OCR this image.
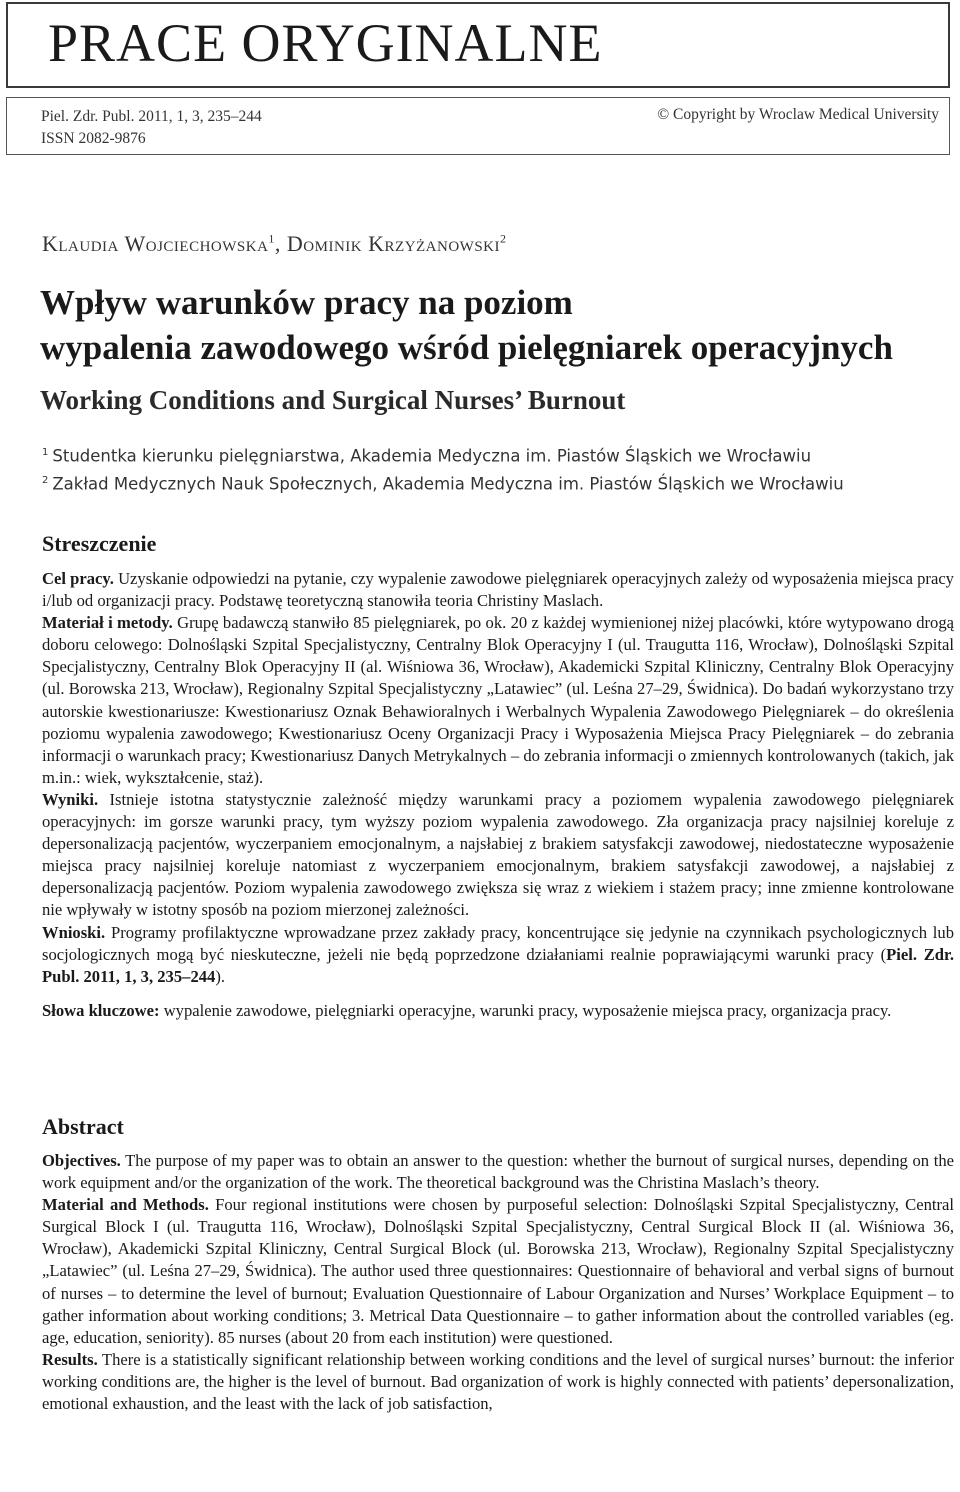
PRACE ORYGINALNE
Piel. Zdr. Publ. 2011, 1, 3, 235–244
ISSN 2082-9876
© Copyright by Wroclaw Medical University
Klaudia Wojciechowska$^1$, Dominik Krzyżanowski$^2$
Wpływ warunków pracy na poziom
wypalenia zawodowego wśród pielęgniarek operacyjnych
Working Conditions and Surgical Nurses’ Burnout
$^1$ Studentka kierunku pielęgniarstwa, Akademia Medyczna im. Piastów Śląskich we Wrocławiu
$^2$ Zakład Medycznych Nauk Społecznych, Akademia Medyczna im. Piastów Śląskich we Wrocławiu
Streszczenie

Cel pracy. Uzyskanie odpowiedzi na pytanie, czy wypalenie zawodowe pielęgniarek operacyjnych zależy od wyposażenia miejsca pracy i/lub od organizacji pracy. Podstawę teoretyczną stanowiła teoria Christiny Maslach.

Materiał i metody. Grupę badawczą stanwiło 85 pielęgniarek, po ok. 20 z każdej wymienionej niżej placówki, które wytypowano drogą doboru celowego: Dolnośląski Szpital Specjalistyczny, Centralny Blok Operacyjny I (ul. Traugutta 116, Wrocław), Dolnośląski Szpital Specjalistyczny, Centralny Blok Operacyjny II (al. Wiśniowa 36, Wrocław), Akademicki Szpital Kliniczny, Centralny Blok Operacyjny (ul. Borowska 213, Wrocław), Regionalny Szpital Specjalistyczny „Latawiec” (ul. Leśna 27–29, Świdnica). Do badań wykorzystano trzy autorskie kwestionariusze: Kwestionariusz Oznak Behawioralnych i Werbalnych Wypalenia Zawodowego Pielęgniarek – do określenia poziomu wypalenia zawodowego; Kwestionariusz Oceny Organizacji Pracy i Wyposażenia Miejsca Pracy Pielęgniarek – do zebrania informacji o warunkach pracy; Kwestionariusz Danych Metrykalnych – do zebrania informacji o zmiennych kontrolowanych (takich, jak m.in.: wiek, wykształcenie, staż).

Wyniki. Istnieje istotna statystycznie zależność między warunkami pracy a poziomem wypalenia zawodowego pielęgniarek operacyjnych: im gorsze warunki pracy, tym wyższy poziom wypalenia zawodowego. Zła organizacja pracy najsilniej koreluje z depersonalizacją pacjentów, wyczerpaniem emocjonalnym, a najsłabiej z brakiem satysfakcji zawodowej, niedostateczne wyposażenie miejsca pracy najsilniej koreluje natomiast z wyczerpaniem emocjonalnym, brakiem satysfakcji zawodowej, a najsłabiej z depersonalizacją pacjentów. Poziom wypalenia zawodowego zwiększa się wraz z wiekiem i stażem pracy; inne zmienne kontrolowane nie wpływały w istotny sposób na poziom mierzonej zależności.

Wnioski. Programy profilaktyczne wprowadzane przez zakłady pracy, koncentrujące się jedynie na czynnikach psychologicznych lub socjologicznych mogą być nieskuteczne, jeżeli nie będą poprzedzone działaniami realnie poprawiającymi warunki pracy (Piel. Zdr. Publ. 2011, 1, 3, 235–244).

Słowa kluczowe: wypalenie zawodowe, pielęgniarki operacyjne, warunki pracy, wyposażenie miejsca pracy, organizacja pracy.

Abstract

Objectives. The purpose of my paper was to obtain an answer to the question: whether the burnout of surgical nurses, depending on the work equipment and/or the organization of the work. The theoretical background was the Christina Maslach’s theory.

Material and Methods. Four regional institutions were chosen by purposeful selection: Dolnośląski Szpital Specjalistyczny, Central Surgical Block I (ul. Traugutta 116, Wrocław), Dolnośląski Szpital Specjalistyczny, Central Surgical Block II (al. Wiśniowa 36, Wrocław), Akademicki Szpital Kliniczny, Central Surgical Block (ul. Borowska 213, Wrocław), Regionalny Szpital Specjalistyczny „Latawiec” (ul. Leśna 27–29, Świdnica). The author used three questionnaires: Questionnaire of behavioral and verbal signs of burnout of nurses – to determine the level of burnout; Evaluation Questionnaire of Labour Organization and Nurses’ Workplace Equipment – to gather information about working conditions; 3. Metrical Data Questionnaire – to gather information about the controlled variables (eg. age, education, seniority). 85 nurses (about 20 from each institution) were questioned.

Results. There is a statistically significant relationship between working conditions and the level of surgical nurses’ burnout: the inferior working conditions are, the higher is the level of burnout. Bad organization of work is highly connected with patients’ depersonalization, emotional exhaustion, and the least with the lack of job satisfaction,
